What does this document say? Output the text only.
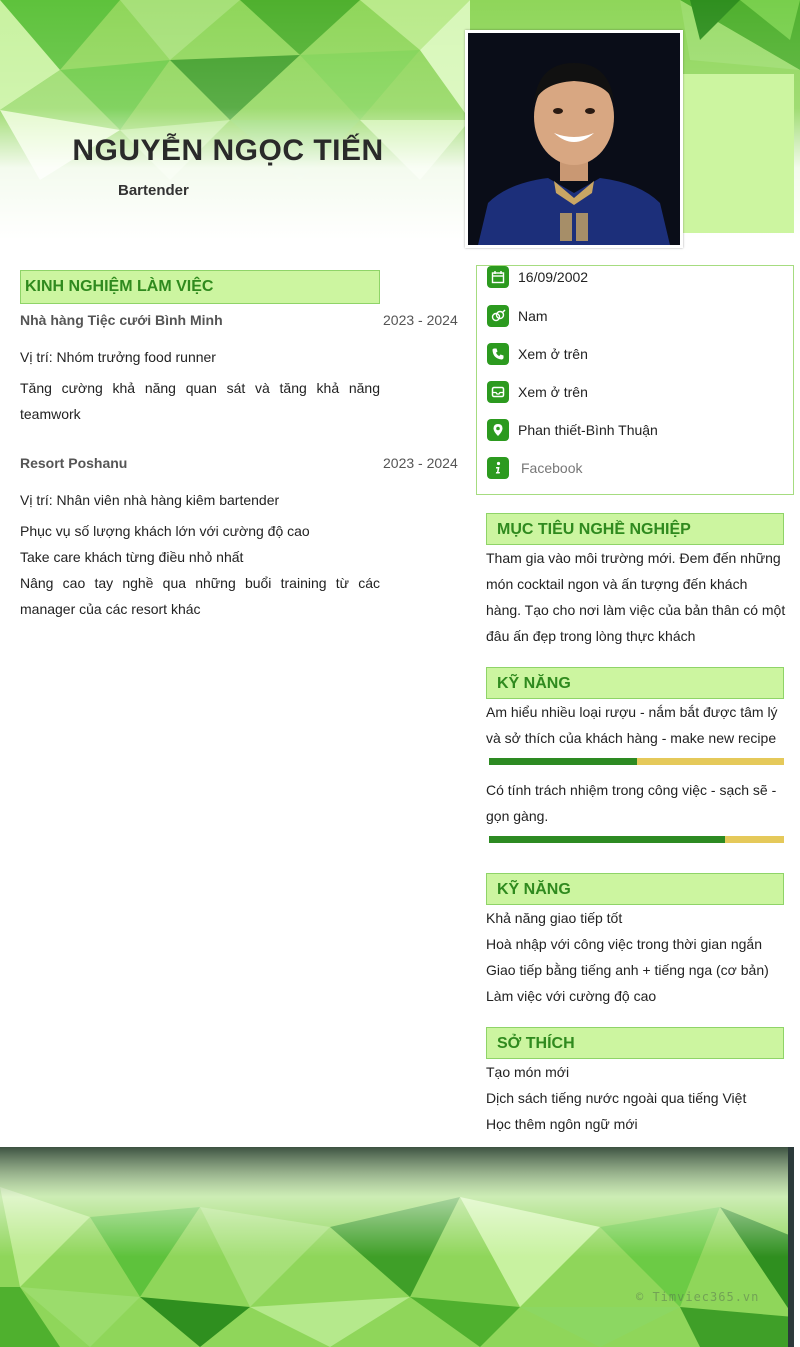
NGUYỄN NGỌC TIẾN
Bartender
KINH NGHIỆM LÀM VIỆC
Nhà hàng Tiệc cưới Bình Minh	2023 - 2024
Vị trí: Nhóm trưởng food runner
Tăng cường khả năng quan sát và tăng khả năng teamwork
Resort Poshanu	2023 - 2024
Vị trí: Nhân viên nhà hàng kiêm bartender
Phục vụ số lượng khách lớn với cường độ cao
Take care khách từng điều nhỏ nhất
Nâng cao tay nghề qua những buổi training từ các manager của các resort khác
16/09/2002
Nam
Xem ở trên
Xem ở trên
Phan thiết-Bình Thuận
Facebook
MỤC TIÊU NGHỀ NGHIỆP
Tham gia vào môi trường mới. Đem đến những món cocktail ngon và ấn tượng đến khách hàng. Tạo cho nơi làm việc của bản thân có một đâu ấn đẹp trong lòng thực khách
KỸ NĂNG
Am hiểu nhiều loại rượu - nắm bắt được tâm lý và sở thích của khách hàng - make new recipe
Có tính trách nhiệm trong công việc - sạch sẽ - gọn gàng.
KỸ NĂNG
Khả năng giao tiếp tốt
Hoà nhập với công việc trong thời gian ngắn
Giao tiếp bằng tiếng anh + tiếng nga (cơ bản)
Làm việc với cường độ cao
SỞ THÍCH
Tạo món mới
Dịch sách tiếng nước ngoài qua tiếng Việt
Học thêm ngôn ngữ mới
© Timviec365.vn
